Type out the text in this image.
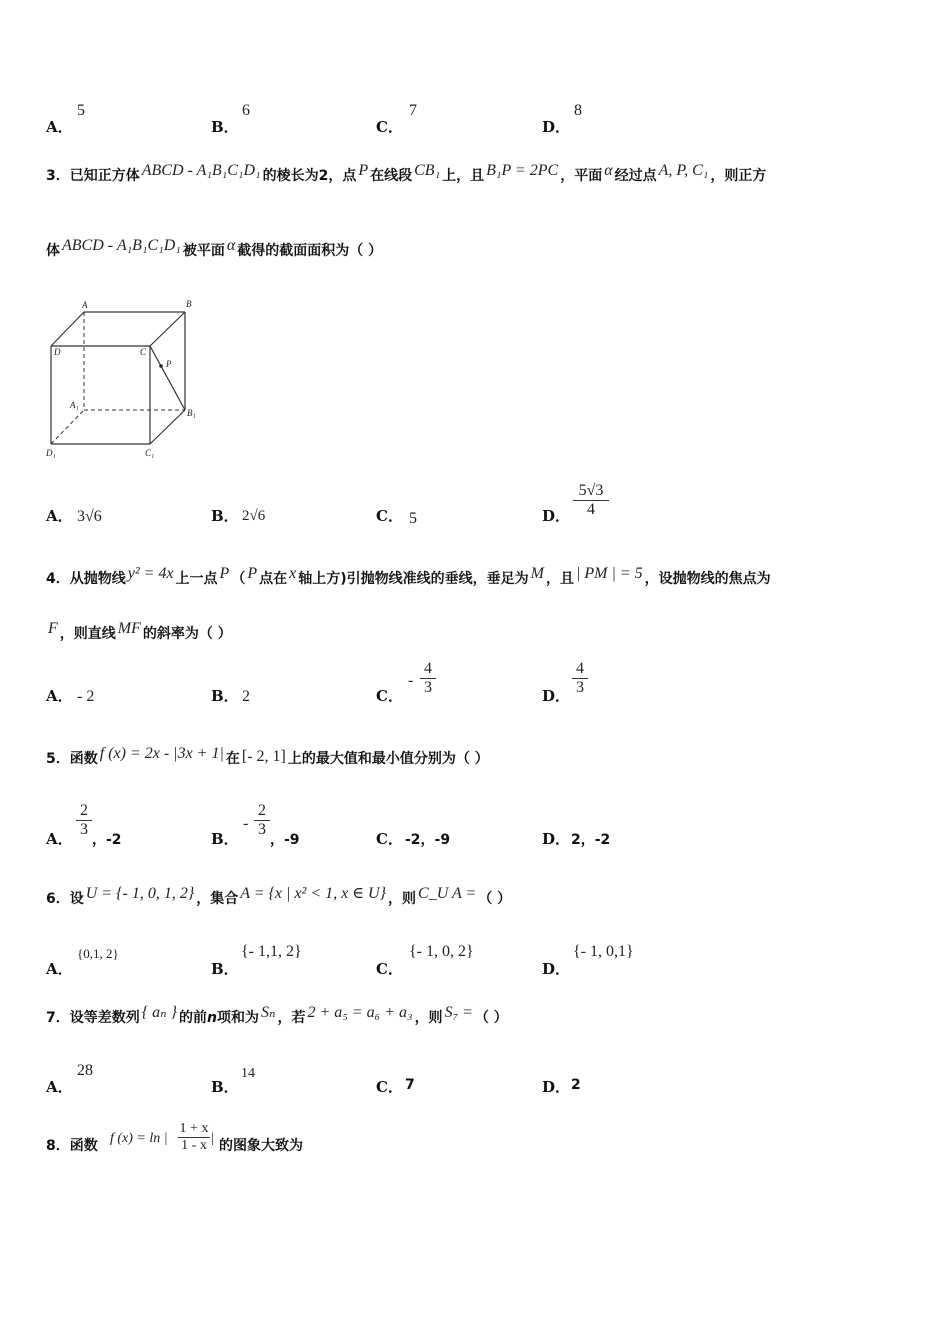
A．
5
B．
6
C．
7
D．
8
3．已知正方体 ABCD - A₁B₁C₁D₁ 的棱长为2，点 P 在线段 CB₁ 上，且 B₁P = 2PC ，平面 α 经过点 A, P, C₁ ，则正方
体 ABCD - A₁B₁C₁D₁ 被平面 α 截得的截面面积为（ ）
A	B
C
D
P
A₁
B₁
C₁
D₁
A． 3√6	B． 2√6	C． 5	D． $\frac{5√3}{4}$
4．从抛物线 y² = 4x 上一点 P （ P 点在 x 轴上方)引抛物线准线的垂线，垂足为 M ，且 | PM | = 5 ，设抛物线的焦点为
F ，则直线 MF 的斜率为（ ）
A． - 2	B． 2	C．
- $\frac{4}{3}$	D． $\frac{4}{3}$
5．函数 f (x) = 2x - |3x + 1| 在 [- 2, 1] 上的最大值和最小值分别为（ ）
A． $\frac{2}{3}$
，-2	B．
- $\frac{2}{3}$
，-9	C． -2，-9	D． 2，-2
6．设 U = {- 1, 0, 1, 2} ，集合 A = {x | x² < 1, x ∈ U} ，则 C_U A = （ ）
A．
{0,1, 2}
B．
{- 1,1, 2}
C．
{- 1, 0, 2}
D．
{- 1, 0,1}
7．设等差数列 { aₙ } 的前n项和为 Sₙ ，若 2 + a₅ = a₆ + a₃ ，则 S₇ = （ ）
A．
28
B．
14
C． 7	D． 2
8．函数 f (x) = ln | $\frac{1 + x}{1 - x}$ | 的图象大致为
